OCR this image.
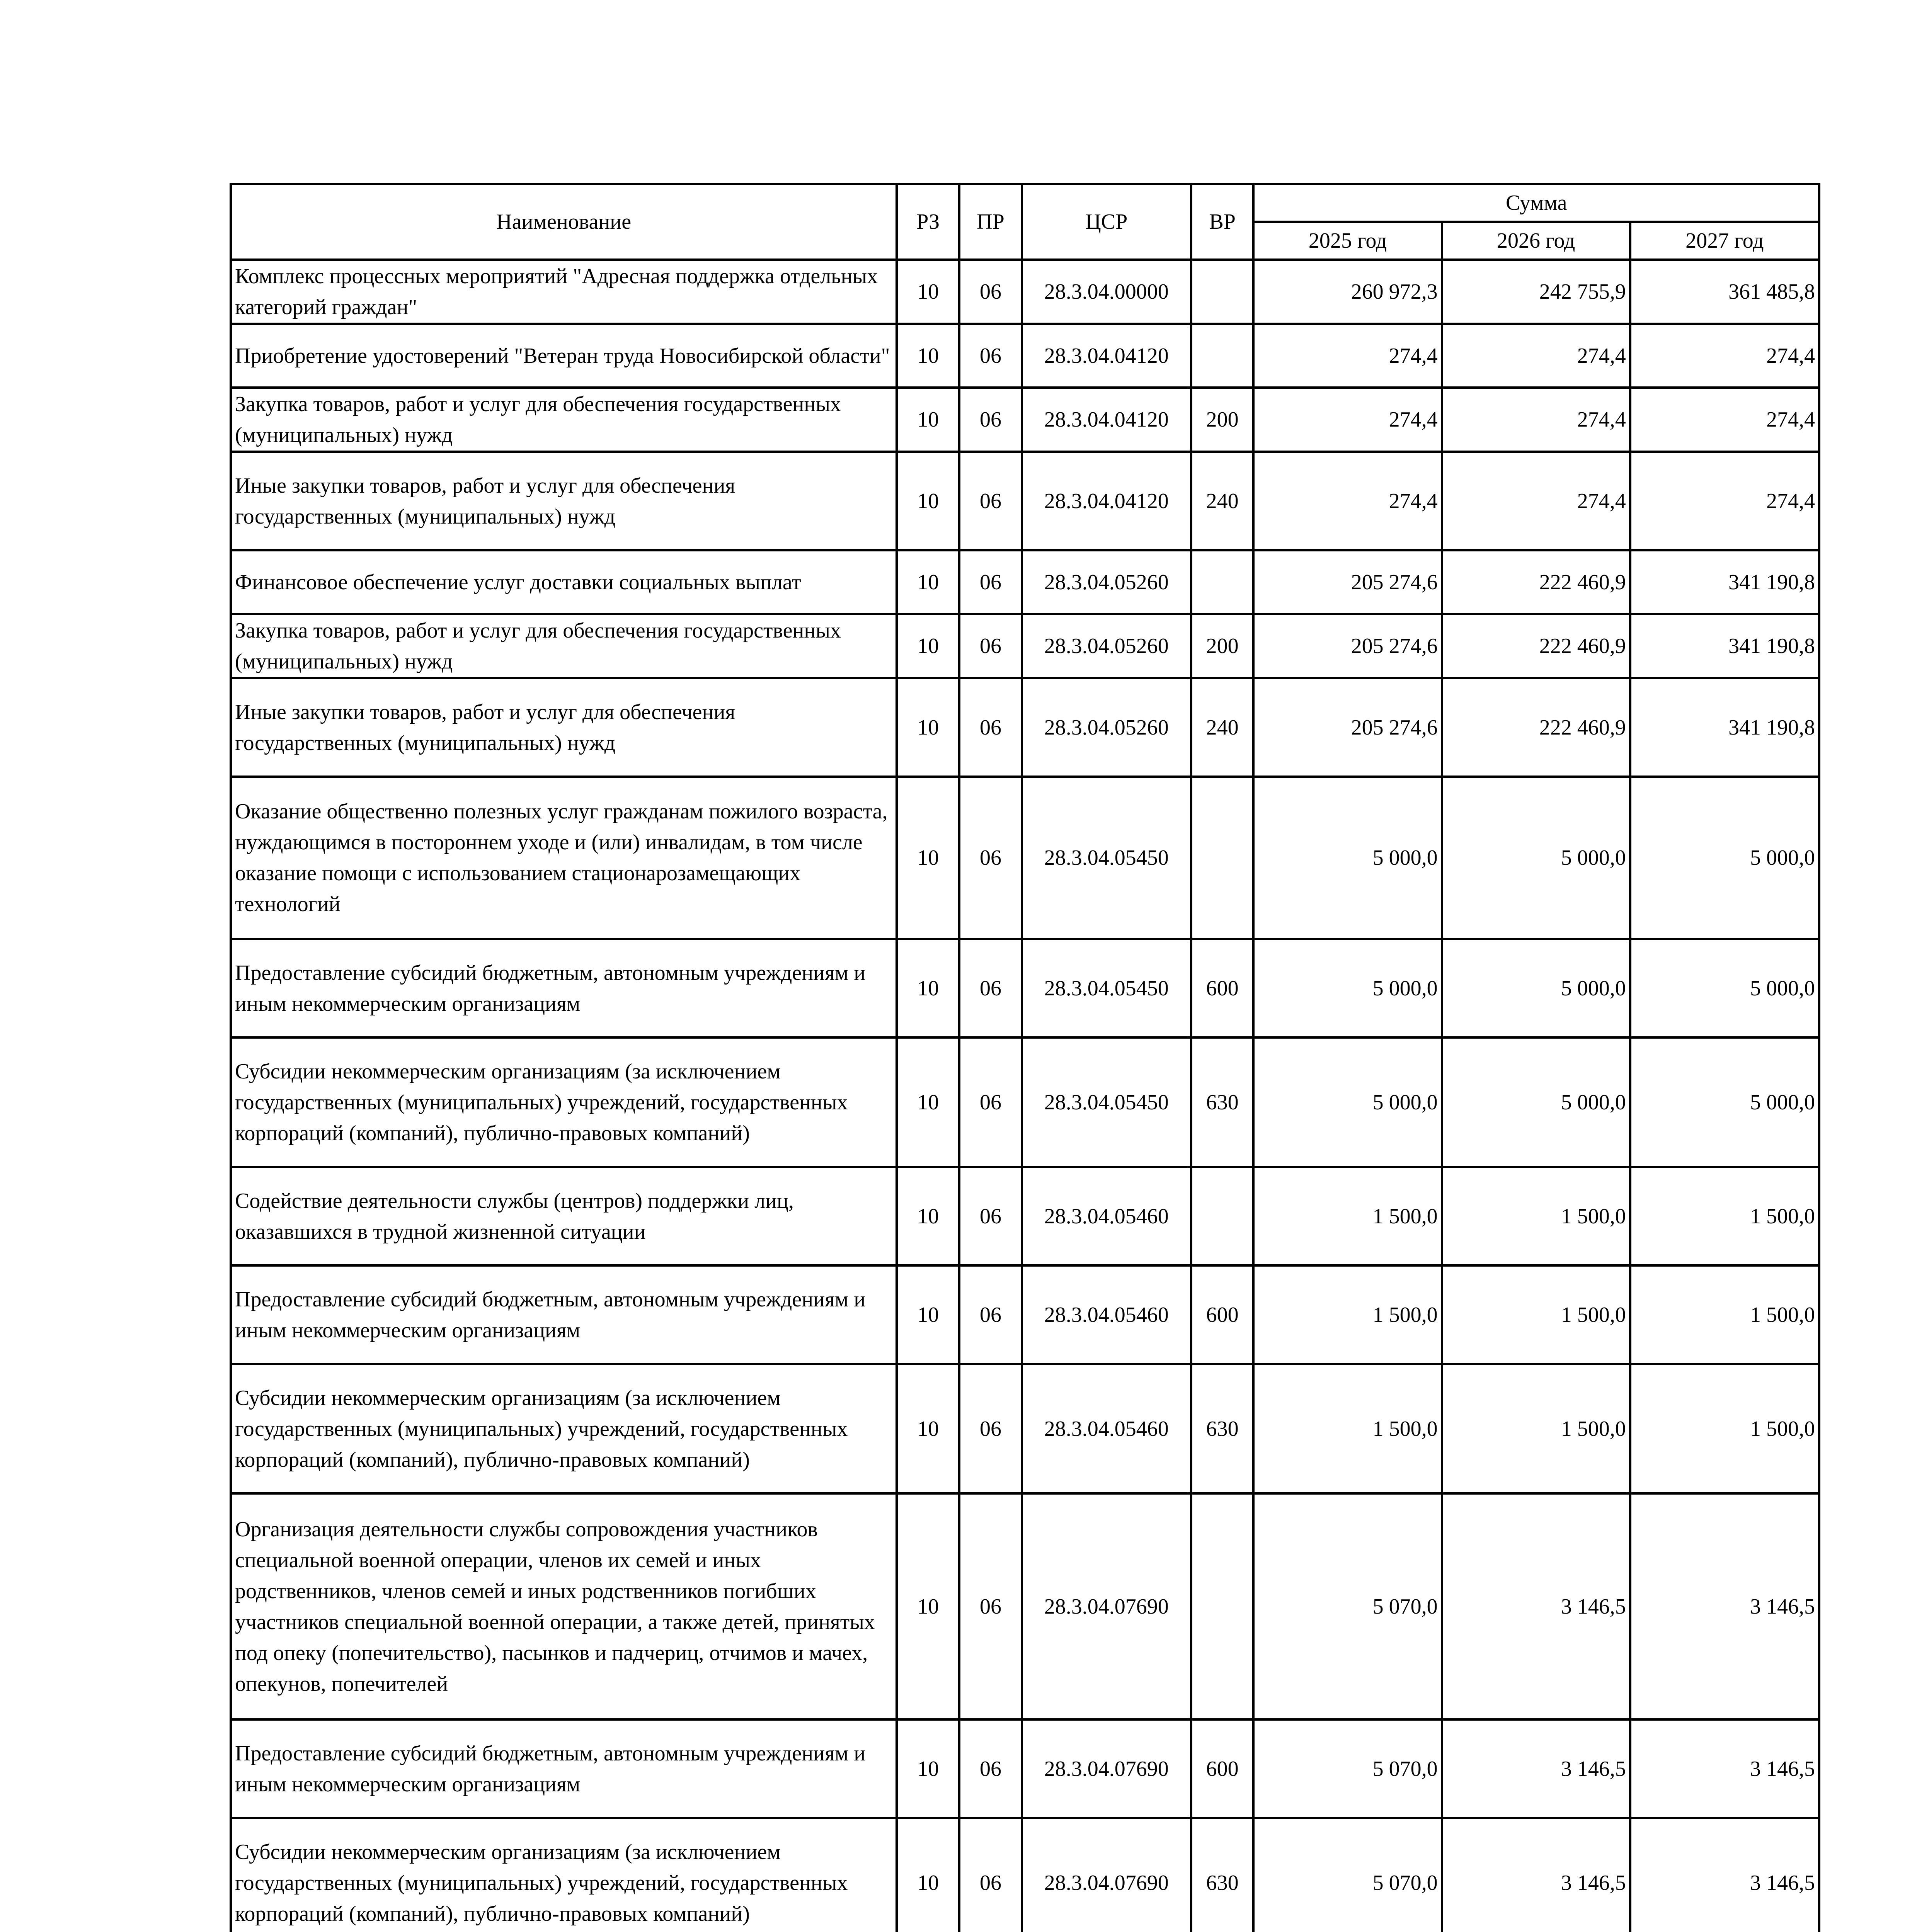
Наименование	РЗ	ПР	ЦСР	ВР	Сумма		
					2025 год	2026 год	2027 год
Комплекс процессных мероприятий "Адресная поддержка отдельных категорий граждан"	10	06	28.3.04.00000		260 972,3	242 755,9	361 485,8
Приобретение удостоверений "Ветеран труда Новосибирской области"	10	06	28.3.04.04120		274,4	274,4	274,4
Закупка товаров, работ и услуг для обеспечения государственных (муниципальных) нужд	10	06	28.3.04.04120	200	274,4	274,4	274,4
Иные закупки товаров, работ и услуг для обеспечения государственных (муниципальных) нужд	10	06	28.3.04.04120	240	274,4	274,4	274,4
Финансовое обеспечение услуг доставки социальных выплат	10	06	28.3.04.05260		205 274,6	222 460,9	341 190,8
Закупка товаров, работ и услуг для обеспечения государственных (муниципальных) нужд	10	06	28.3.04.05260	200	205 274,6	222 460,9	341 190,8
Иные закупки товаров, работ и услуг для обеспечения государственных (муниципальных) нужд	10	06	28.3.04.05260	240	205 274,6	222 460,9	341 190,8
Оказание общественно полезных услуг гражданам пожилого возраста, нуждающимся в постороннем уходе и (или) инвалидам, в том числе оказание помощи с использованием стационарозамещающих технологий	10	06	28.3.04.05450		5 000,0	5 000,0	5 000,0
Предоставление субсидий бюджетным, автономным учреждениям и иным некоммерческим организациям	10	06	28.3.04.05450	600	5 000,0	5 000,0	5 000,0
Субсидии некоммерческим организациям (за исключением государственных (муниципальных) учреждений, государственных корпораций (компаний), публично-правовых компаний)	10	06	28.3.04.05450	630	5 000,0	5 000,0	5 000,0
Содействие деятельности службы (центров) поддержки лиц, оказавшихся в трудной жизненной ситуации	10	06	28.3.04.05460		1 500,0	1 500,0	1 500,0
Предоставление субсидий бюджетным, автономным учреждениям и иным некоммерческим организациям	10	06	28.3.04.05460	600	1 500,0	1 500,0	1 500,0
Субсидии некоммерческим организациям (за исключением государственных (муниципальных) учреждений, государственных корпораций (компаний), публично-правовых компаний)	10	06	28.3.04.05460	630	1 500,0	1 500,0	1 500,0
Организация деятельности службы сопровождения участников специальной военной операции, членов их семей и иных родственников, членов семей и иных родственников погибших участников специальной военной операции, а также детей, принятых под опеку (попечительство), пасынков и падчериц, отчимов и мачех, опекунов, попечителей	10	06	28.3.04.07690		5 070,0	3 146,5	3 146,5
Предоставление субсидий бюджетным, автономным учреждениям и иным некоммерческим организациям	10	06	28.3.04.07690	600	5 070,0	3 146,5	3 146,5
Субсидии некоммерческим организациям (за исключением государственных (муниципальных) учреждений, государственных корпораций (компаний), публично-правовых компаний)	10	06	28.3.04.07690	630	5 070,0	3 146,5	3 146,5
